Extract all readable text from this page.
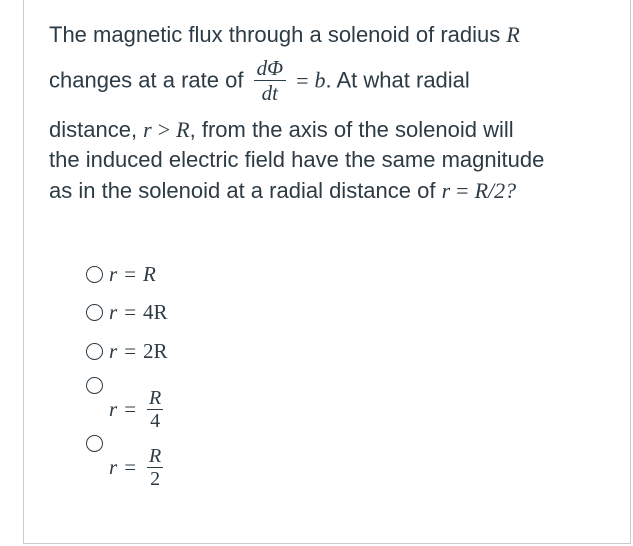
The magnetic flux through a solenoid of radius R
changes at a rate of $\frac{d\Phi}{dt} = b$. At what radial
distance, r > R, from the axis of the solenoid will
the induced electric field have the same magnitude
as in the solenoid at a radial distance of r = R/2?
r = R
r = 4R
r = 2R
$r = \frac{R}{4}$
$r = \frac{R}{2}$
